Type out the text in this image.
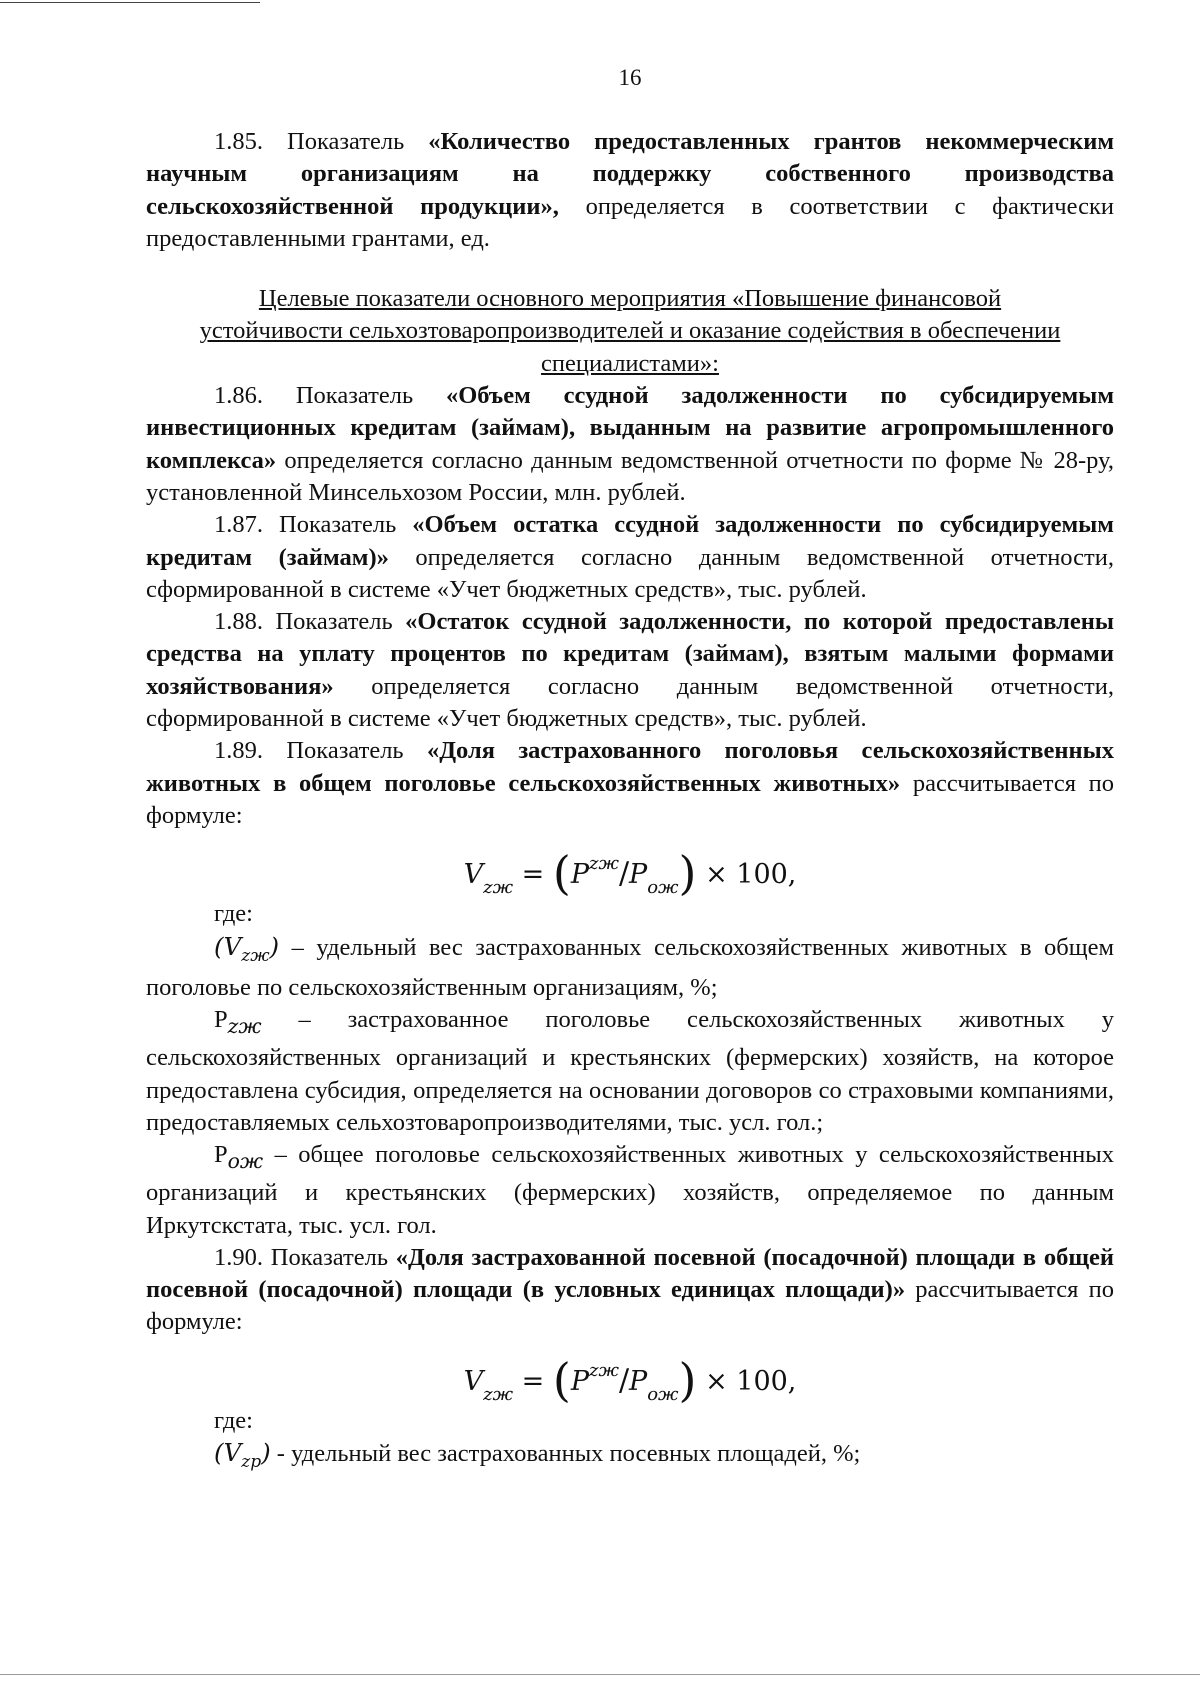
16

1.85. Показатель «Количество предоставленных грантов некоммерческим научным организациям на поддержку собственного производства сельскохозяйственной продукции», определяется в соответствии с фактически предоставленными грантами, ед.

Целевые показатели основного мероприятия «Повышение финансовой устойчивости сельхозтоваропроизводителей и оказание содействия в обеспечении специалистами»:

1.86. Показатель «Объем ссудной задолженности по субсидируемым инвестиционных кредитам (займам), выданным на развитие агропромышленного комплекса» определяется согласно данным ведомственной отчетности по форме № 28-ру, установленной Минсельхозом России, млн. рублей.

1.87. Показатель «Объем остатка ссудной задолженности по субсидируемым кредитам (займам)» определяется согласно данным ведомственной отчетности, сформированной в системе «Учет бюджетных средств», тыс. рублей.

1.88. Показатель «Остаток ссудной задолженности, по которой предоставлены средства на уплату процентов по кредитам (займам), взятым малыми формами хозяйствования» определяется согласно данным ведомственной отчетности, сформированной в системе «Учет бюджетных средств», тыс. рублей.

1.89. Показатель «Доля застрахованного поголовья сельскохозяйственных животных в общем поголовье сельскохозяйственных животных» рассчитывается по формуле:

$V_{zж} = (P^{zж}/P_{ож}) \times 100$,

где:

$(V_{zж})$ – удельный вес застрахованных сельскохозяйственных животных в общем поголовье по сельскохозяйственным организациям, %;

$P_{zж}$ – застрахованное поголовье сельскохозяйственных животных у сельскохозяйственных организаций и крестьянских (фермерских) хозяйств, на которое предоставлена субсидия, определяется на основании договоров со страховыми компаниями, предоставляемых сельхозтоваропроизводителями, тыс. усл. гол.;

$P_{ож}$ – общее поголовье сельскохозяйственных животных у сельскохозяйственных организаций и крестьянских (фермерских) хозяйств, определяемое по данным Иркутскстата, тыс. усл. гол.

1.90. Показатель «Доля застрахованной посевной (посадочной) площади в общей посевной (посадочной) площади (в условных единицах площади)» рассчитывается по формуле:

$V_{zж} = (P^{zж}/P_{ож}) \times 100$,

где:

$(V_{zp})$ - удельный вес застрахованных посевных площадей, %;
